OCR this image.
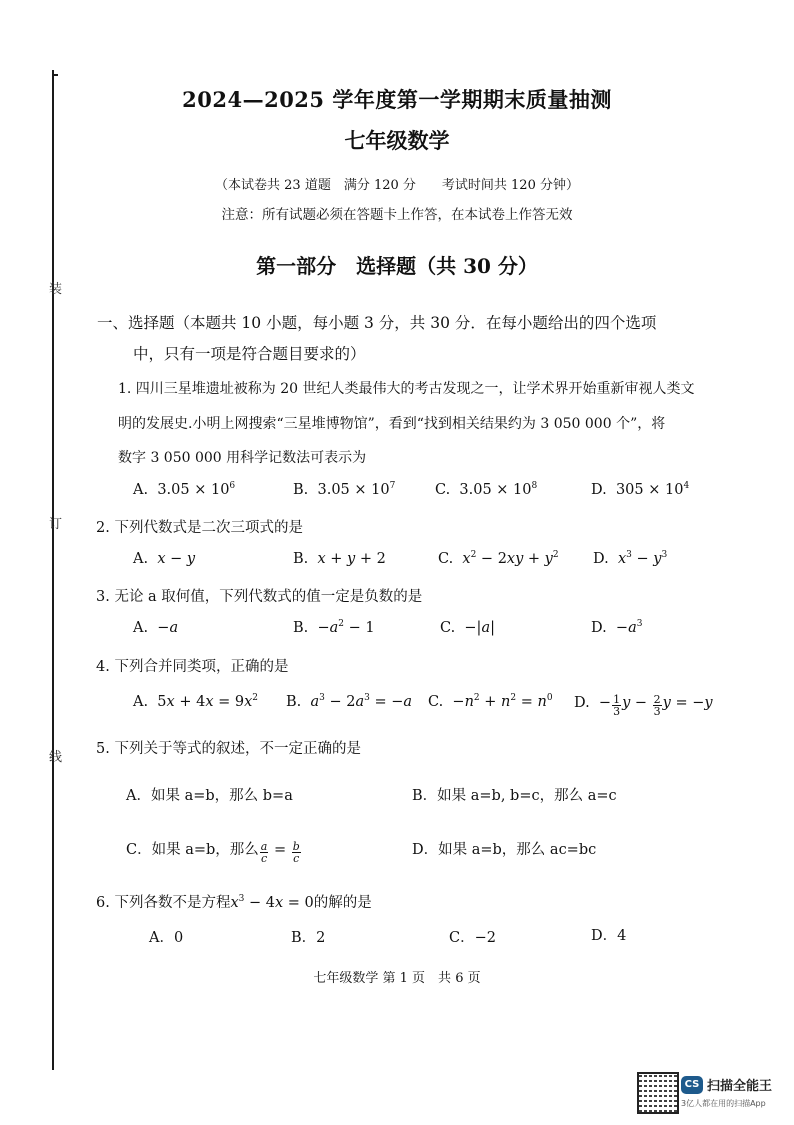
装
订
线
2024—2025 学年度第一学期期末质量抽测
七年级数学
（本试卷共 23 道题　满分 120 分　　考试时间共 120 分钟）
注意：所有试题必须在答题卡上作答，在本试卷上作答无效
第一部分　选择题（共 30 分）
一、选择题（本题共 10 小题，每小题 3 分，共 30 分．在每小题给出的四个选项
中，只有一项是符合题目要求的）
1. 四川三星堆遗址被称为 20 世纪人类最伟大的考古发现之一，让学术界开始重新审视人类文
明的发展史.小明上网搜索“三星堆博物馆”，看到“找到相关结果约为 3 050 000 个”，将
数字 3 050 000 用科学记数法可表示为
A. $3.05 \times 10^6$	B. $3.05 \times 10^7$	C. $3.05 \times 10^8$	D. $305 \times 10^4$
2. 下列代数式是二次三项式的是
A.  x − y	B.  x + y + 2	C.  $x^2 - 2xy + y^2$ D.  $x^3 - y^3$
3. 无论 a 取何值，下列代数式的值一定是负数的是
A.  −a	B.  $-a^2 - 1$	C.  −|a|	D.  $-a^3$
4. 下列合并同类项，正确的是
A.  $5x + 4x = 9x^2$ B.  $a^3 - 2a^3 = -a$ C.  $-n^2 + n^2 = n^0$ D.  − $\frac{1}{3}$ $y - \frac{2}{3}$ y = −y
5. 下列关于等式的叙述，不一定正确的是
A．如果 a=b，那么 b=a	B．如果 a=b, b=c，那么 a=c
C．如果 a=b，那么 $\frac{a}{c} = \frac{b}{c}$	D．如果 a=b，那么 ac=bc
6. 下列各数不是方程$x^3 - 4x = 0$的解的是
A．0	B．2	C．−2	D．4
七年级数学 第 1 页　共 6 页
CS 扫描全能王
3亿人都在用的扫描App
